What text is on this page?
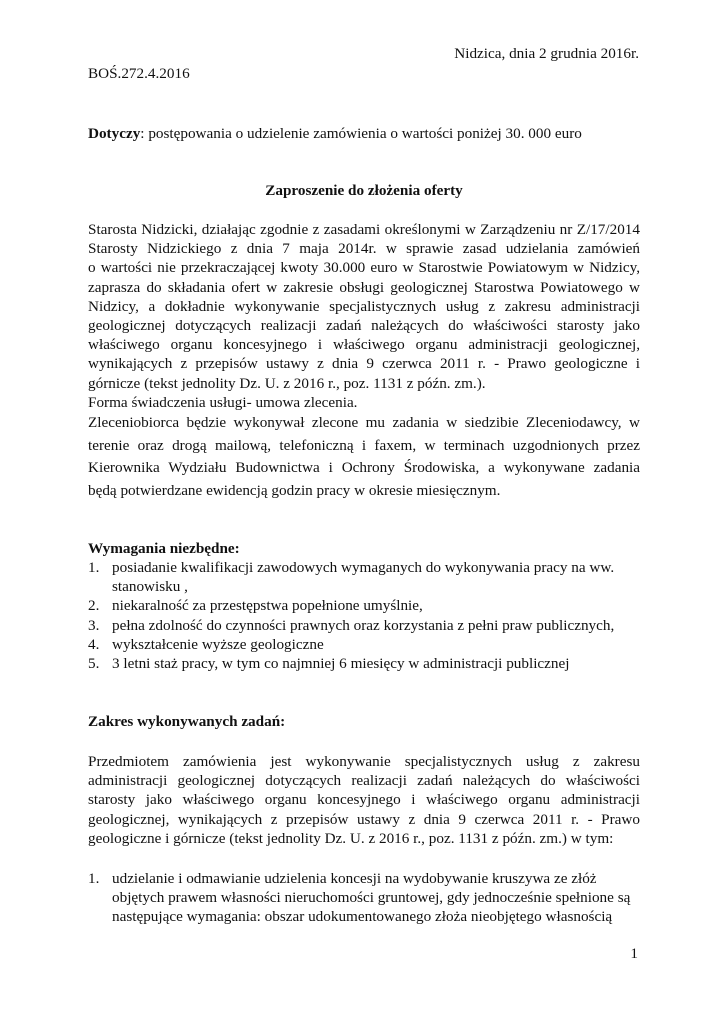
Nidzica, dnia 2 grudnia 2016r.
BOŚ.272.4.2016
Dotyczy: postępowania o udzielenie zamówienia o wartości poniżej 30. 000 euro
Zaproszenie do złożenia oferty
Starosta Nidzicki, działając zgodnie z zasadami określonymi w Zarządzeniu nr Z/17/2014
Starosty Nidzickiego z dnia 7 maja 2014r. w sprawie zasad udzielania zamówień
o wartości nie przekraczającej kwoty 30.000 euro w Starostwie Powiatowym w Nidzicy,
zaprasza do składania ofert w zakresie obsługi geologicznej Starostwa Powiatowego w
Nidzicy, a dokładnie wykonywanie specjalistycznych usług z zakresu administracji
geologicznej dotyczących realizacji zadań należących do właściwości starosty jako
właściwego organu koncesyjnego i właściwego organu administracji geologicznej,
wynikających z przepisów ustawy z dnia 9 czerwca 2011 r. - Prawo geologiczne i
górnicze (tekst jednolity Dz. U. z 2016 r., poz. 1131 z późn. zm.).
Forma świadczenia usługi- umowa zlecenia.
Zleceniobiorca będzie wykonywał zlecone mu zadania w siedzibie Zleceniodawcy, w
terenie oraz drogą mailową, telefoniczną i faxem, w terminach uzgodnionych przez
Kierownika Wydziału Budownictwa i Ochrony Środowiska, a wykonywane zadania
będą potwierdzane ewidencją godzin pracy w okresie miesięcznym.
Wymagania niezbędne:
1. posiadanie kwalifikacji zawodowych wymaganych do wykonywania pracy na ww.
stanowisku ,
2. niekaralność za przestępstwa popełnione umyślnie,
3. pełna zdolność do czynności prawnych oraz korzystania z pełni praw publicznych,
4. wykształcenie wyższe geologiczne
5. 3 letni staż pracy, w tym co najmniej 6 miesięcy w administracji publicznej
Zakres wykonywanych zadań:
Przedmiotem zamówienia jest wykonywanie specjalistycznych usług z zakresu
administracji geologicznej dotyczących realizacji zadań należących do właściwości
starosty jako właściwego organu koncesyjnego i właściwego organu administracji
geologicznej, wynikających z przepisów ustawy z dnia 9 czerwca 2011 r. - Prawo
geologiczne i górnicze (tekst jednolity Dz. U. z 2016 r., poz. 1131 z późn. zm.) w tym:
1. udzielanie i odmawianie udzielenia koncesji na wydobywanie kruszywa ze złóż
objętych prawem własności nieruchomości gruntowej, gdy jednocześnie spełnione są
następujące wymagania: obszar udokumentowanego złoża nieobjętego własnością
1
